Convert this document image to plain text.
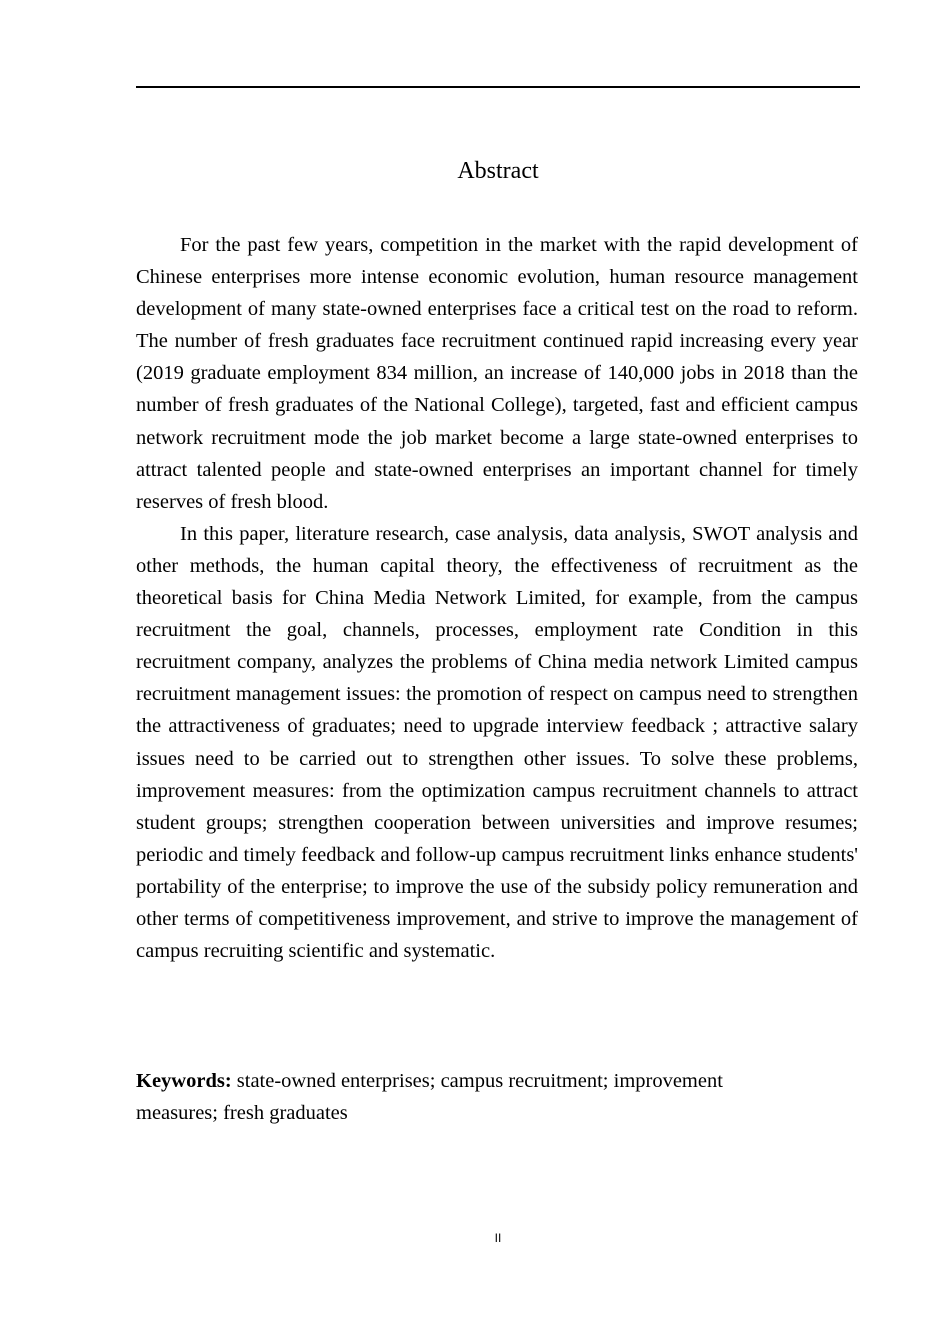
Abstract

For the past few years, competition in the market with the rapid development of Chinese enterprises more intense economic evolution, human resource management development of many state-owned enterprises face a critical test on the road to reform. The number of fresh graduates face recruitment continued rapid increasing every year (2019 graduate employment 834 million, an increase of 140,000 jobs in 2018 than the number of fresh graduates of the National College), targeted, fast and efficient campus network recruitment mode the job market become a large state-owned enterprises to attract talented people and state-owned enterprises an important channel for timely reserves of fresh blood.

In this paper, literature research, case analysis, data analysis, SWOT analysis and other methods, the human capital theory, the effectiveness of recruitment as the theoretical basis for China Media Network Limited, for example, from the campus recruitment the goal, channels, processes, employment rate Condition in this recruitment company, analyzes the problems of China media network Limited campus recruitment management issues: the promotion of respect on campus need to strengthen the attractiveness of graduates; need to upgrade interview feedback ; attractive salary issues need to be carried out to strengthen other issues. To solve these problems, improvement measures: from the optimization campus recruitment channels to attract student groups; strengthen cooperation between universities and improve resumes; periodic and timely feedback and follow-up campus recruitment links enhance students' portability of the enterprise; to improve the use of the subsidy policy remuneration and other terms of competitiveness improvement, and strive to improve the management of campus recruiting scientific and systematic.

Keywords: state-owned enterprises; campus recruitment; improvement measures; fresh graduates

II
